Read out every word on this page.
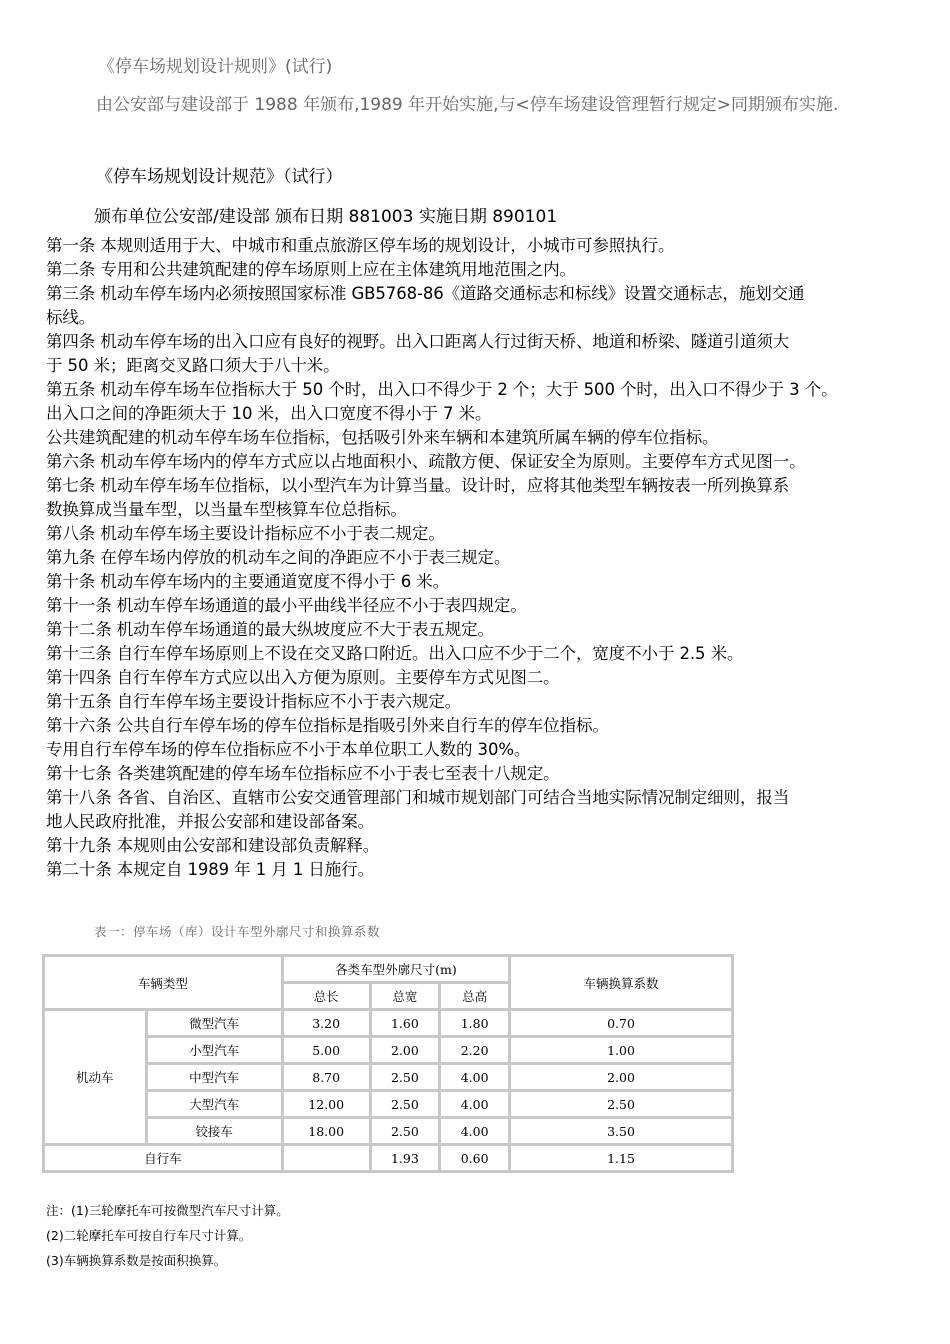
《停车场规划设计规则》(试行)
由公安部与建设部于 1988 年颁布,1989 年开始实施,与<停车场建设管理暂行规定>同期颁布实施.
《停车场规划设计规范》（试行）
颁布单位公安部/建设部 颁布日期 881003 实施日期 890101
第一条 本规则适用于大、中城市和重点旅游区停车场的规划设计，小城市可参照执行。
第二条 专用和公共建筑配建的停车场原则上应在主体建筑用地范围之内。
第三条 机动车停车场内必须按照国家标准 GB5768-86《道路交通标志和标线》设置交通标志，施划交通
标线。
第四条 机动车停车场的出入口应有良好的视野。出入口距离人行过街天桥、地道和桥梁、隧道引道须大
于 50 米；距离交叉路口须大于八十米。
第五条 机动车停车场车位指标大于 50 个时，出入口不得少于 2 个；大于 500 个时，出入口不得少于 3 个。
出入口之间的净距须大于 10 米，出入口宽度不得小于 7 米。
公共建筑配建的机动车停车场车位指标，包括吸引外来车辆和本建筑所属车辆的停车位指标。
第六条 机动车停车场内的停车方式应以占地面积小、疏散方便、保证安全为原则。主要停车方式见图一。
第七条 机动车停车场车位指标，以小型汽车为计算当量。设计时，应将其他类型车辆按表一所列换算系
数换算成当量车型，以当量车型核算车位总指标。
第八条 机动车停车场主要设计指标应不小于表二规定。
第九条 在停车场内停放的机动车之间的净距应不小于表三规定。
第十条 机动车停车场内的主要通道宽度不得小于 6 米。
第十一条 机动车停车场通道的最小平曲线半径应不小于表四规定。
第十二条 机动车停车场通道的最大纵坡度应不大于表五规定。
第十三条 自行车停车场原则上不设在交叉路口附近。出入口应不少于二个，宽度不小于 2.5 米。
第十四条 自行车停车方式应以出入方便为原则。主要停车方式见图二。
第十五条 自行车停车场主要设计指标应不小于表六规定。
第十六条 公共自行车停车场的停车位指标是指吸引外来自行车的停车位指标。
专用自行车停车场的停车位指标应不小于本单位职工人数的 30%。
第十七条 各类建筑配建的停车场车位指标应不小于表七至表十八规定。
第十八条 各省、自治区、直辖市公安交通管理部门和城市规划部门可结合当地实际情况制定细则，报当
地人民政府批准，并报公安部和建设部备案。
第十九条 本规则由公安部和建设部负责解释。
第二十条 本规定自 1989 年 1 月 1 日施行。
表一：停车场（库）设计车型外廓尺寸和换算系数
车辆类型		各类车型外廓尺寸(m)			车辆换算系数
		总长	总宽	总高	
机动车	微型汽车	3.20	1.60	1.80	0.70
	小型汽车	5.00	2.00	2.20	1.00
	中型汽车	8.70	2.50	4.00	2.00
	大型汽车	12.00	2.50	4.00	2.50
	铰接车	18.00	2.50	4.00	3.50
自行车			1.93	0.60	1.15
注：(1)三轮摩托车可按微型汽车尺寸计算。
(2)二轮摩托车可按自行车尺寸计算。
(3)车辆换算系数是按面积换算。
